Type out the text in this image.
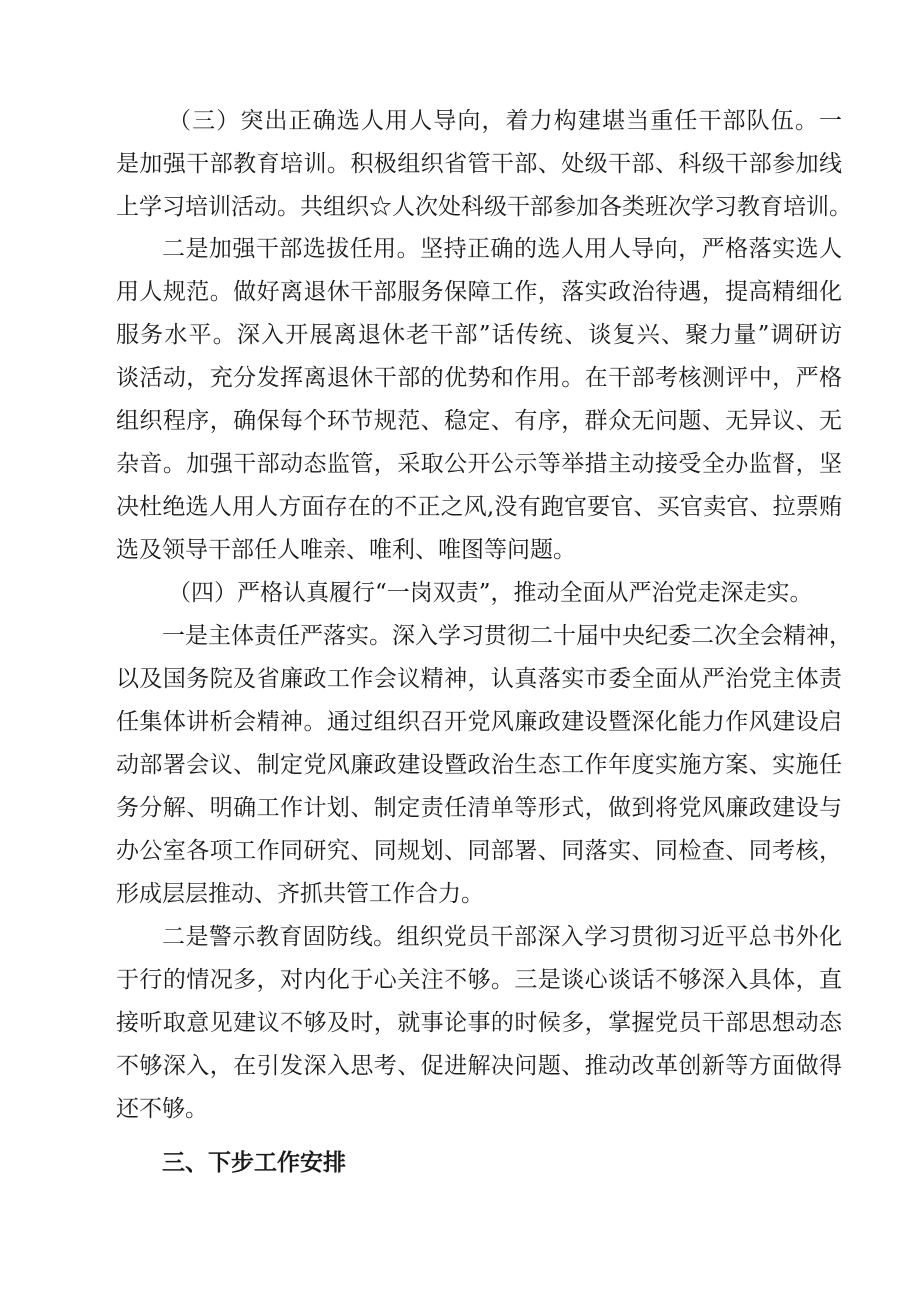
（三）突出正确选人用人导向，着力构建堪当重任干部队伍。一
是加强干部教育培训。积极组织省管干部、处级干部、科级干部参加线
上学习培训活动。共组织☆人次处科级干部参加各类班次学习教育培训。
二是加强干部选拔任用。坚持正确的选人用人导向，严格落实选人
用人规范。做好离退休干部服务保障工作，落实政治待遇，提高精细化
服务水平。深入开展离退休老干部”话传统、谈复兴、聚力量”调研访
谈活动，充分发挥离退休干部的优势和作用。在干部考核测评中，严格
组织程序，确保每个环节规范、稳定、有序，群众无问题、无异议、无
杂音。加强干部动态监管，采取公开公示等举措主动接受全办监督，坚
决杜绝选人用人方面存在的不正之风,没有跑官要官、买官卖官、拉票贿
选及领导干部任人唯亲、唯利、唯图等问题。
（四）严格认真履行“一岗双责”，推动全面从严治党走深走实。
一是主体责任严落实。深入学习贯彻二十届中央纪委二次全会精神，
以及国务院及省廉政工作会议精神，认真落实市委全面从严治党主体责
任集体讲析会精神。通过组织召开党风廉政建设暨深化能力作风建设启
动部署会议、制定党风廉政建设暨政治生态工作年度实施方案、实施任
务分解、明确工作计划、制定责任清单等形式，做到将党风廉政建设与
办公室各项工作同研究、同规划、同部署、同落实、同检查、同考核，
形成层层推动、齐抓共管工作合力。
二是警示教育固防线。组织党员干部深入学习贯彻习近平总书外化
于行的情况多，对内化于心关注不够。三是谈心谈话不够深入具体，直
接听取意见建议不够及时，就事论事的时候多，掌握党员干部思想动态
不够深入，在引发深入思考、促进解决问题、推动改革创新等方面做得
还不够。
三、下步工作安排
